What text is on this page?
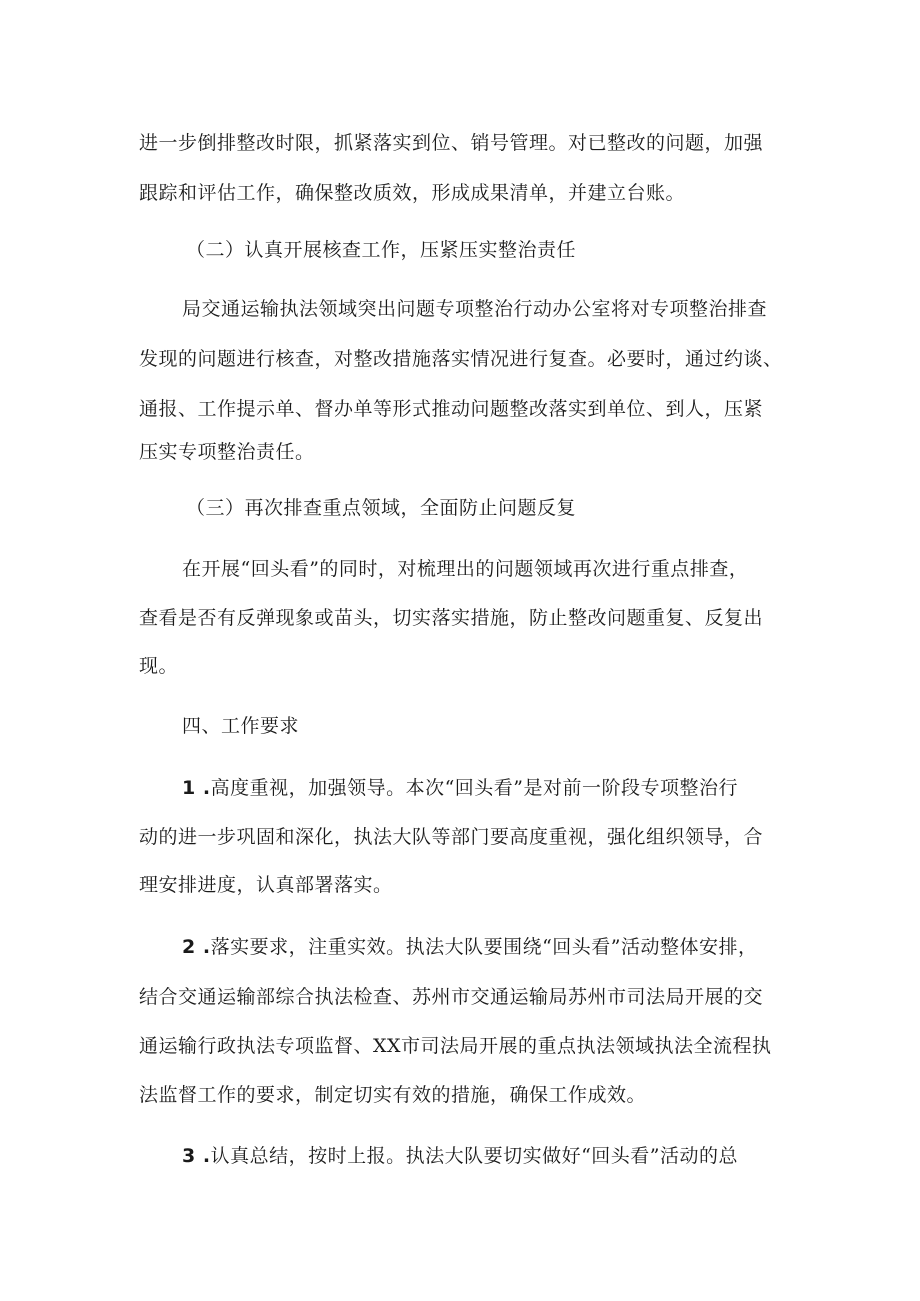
进一步倒排整改时限，抓紧落实到位、销号管理。对已整改的问题，加强
跟踪和评估工作，确保整改质效，形成成果清单，并建立台账。
（二）认真开展核查工作，压紧压实整治责任
局交通运输执法领域突出问题专项整治行动办公室将对专项整治排查
发现的问题进行核查，对整改措施落实情况进行复查。必要时，通过约谈、
通报、工作提示单、督办单等形式推动问题整改落实到单位、到人，压紧
压实专项整治责任。
（三）再次排查重点领域，全面防止问题反复
在开展“回头看”的同时，对梳理出的问题领域再次进行重点排查，
查看是否有反弹现象或苗头，切实落实措施，防止整改问题重复、反复出
现。
四、工作要求
1 .高度重视，加强领导。本次“回头看”是对前一阶段专项整治行
动的进一步巩固和深化，执法大队等部门要高度重视，强化组织领导，合
理安排进度，认真部署落实。
2 .落实要求，注重实效。执法大队要围绕“回头看”活动整体安排，
结合交通运输部综合执法检查、苏州市交通运输局苏州市司法局开展的交
通运输行政执法专项监督、XX市司法局开展的重点执法领域执法全流程执
法监督工作的要求，制定切实有效的措施，确保工作成效。
3 .认真总结，按时上报。执法大队要切实做好“回头看”活动的总
